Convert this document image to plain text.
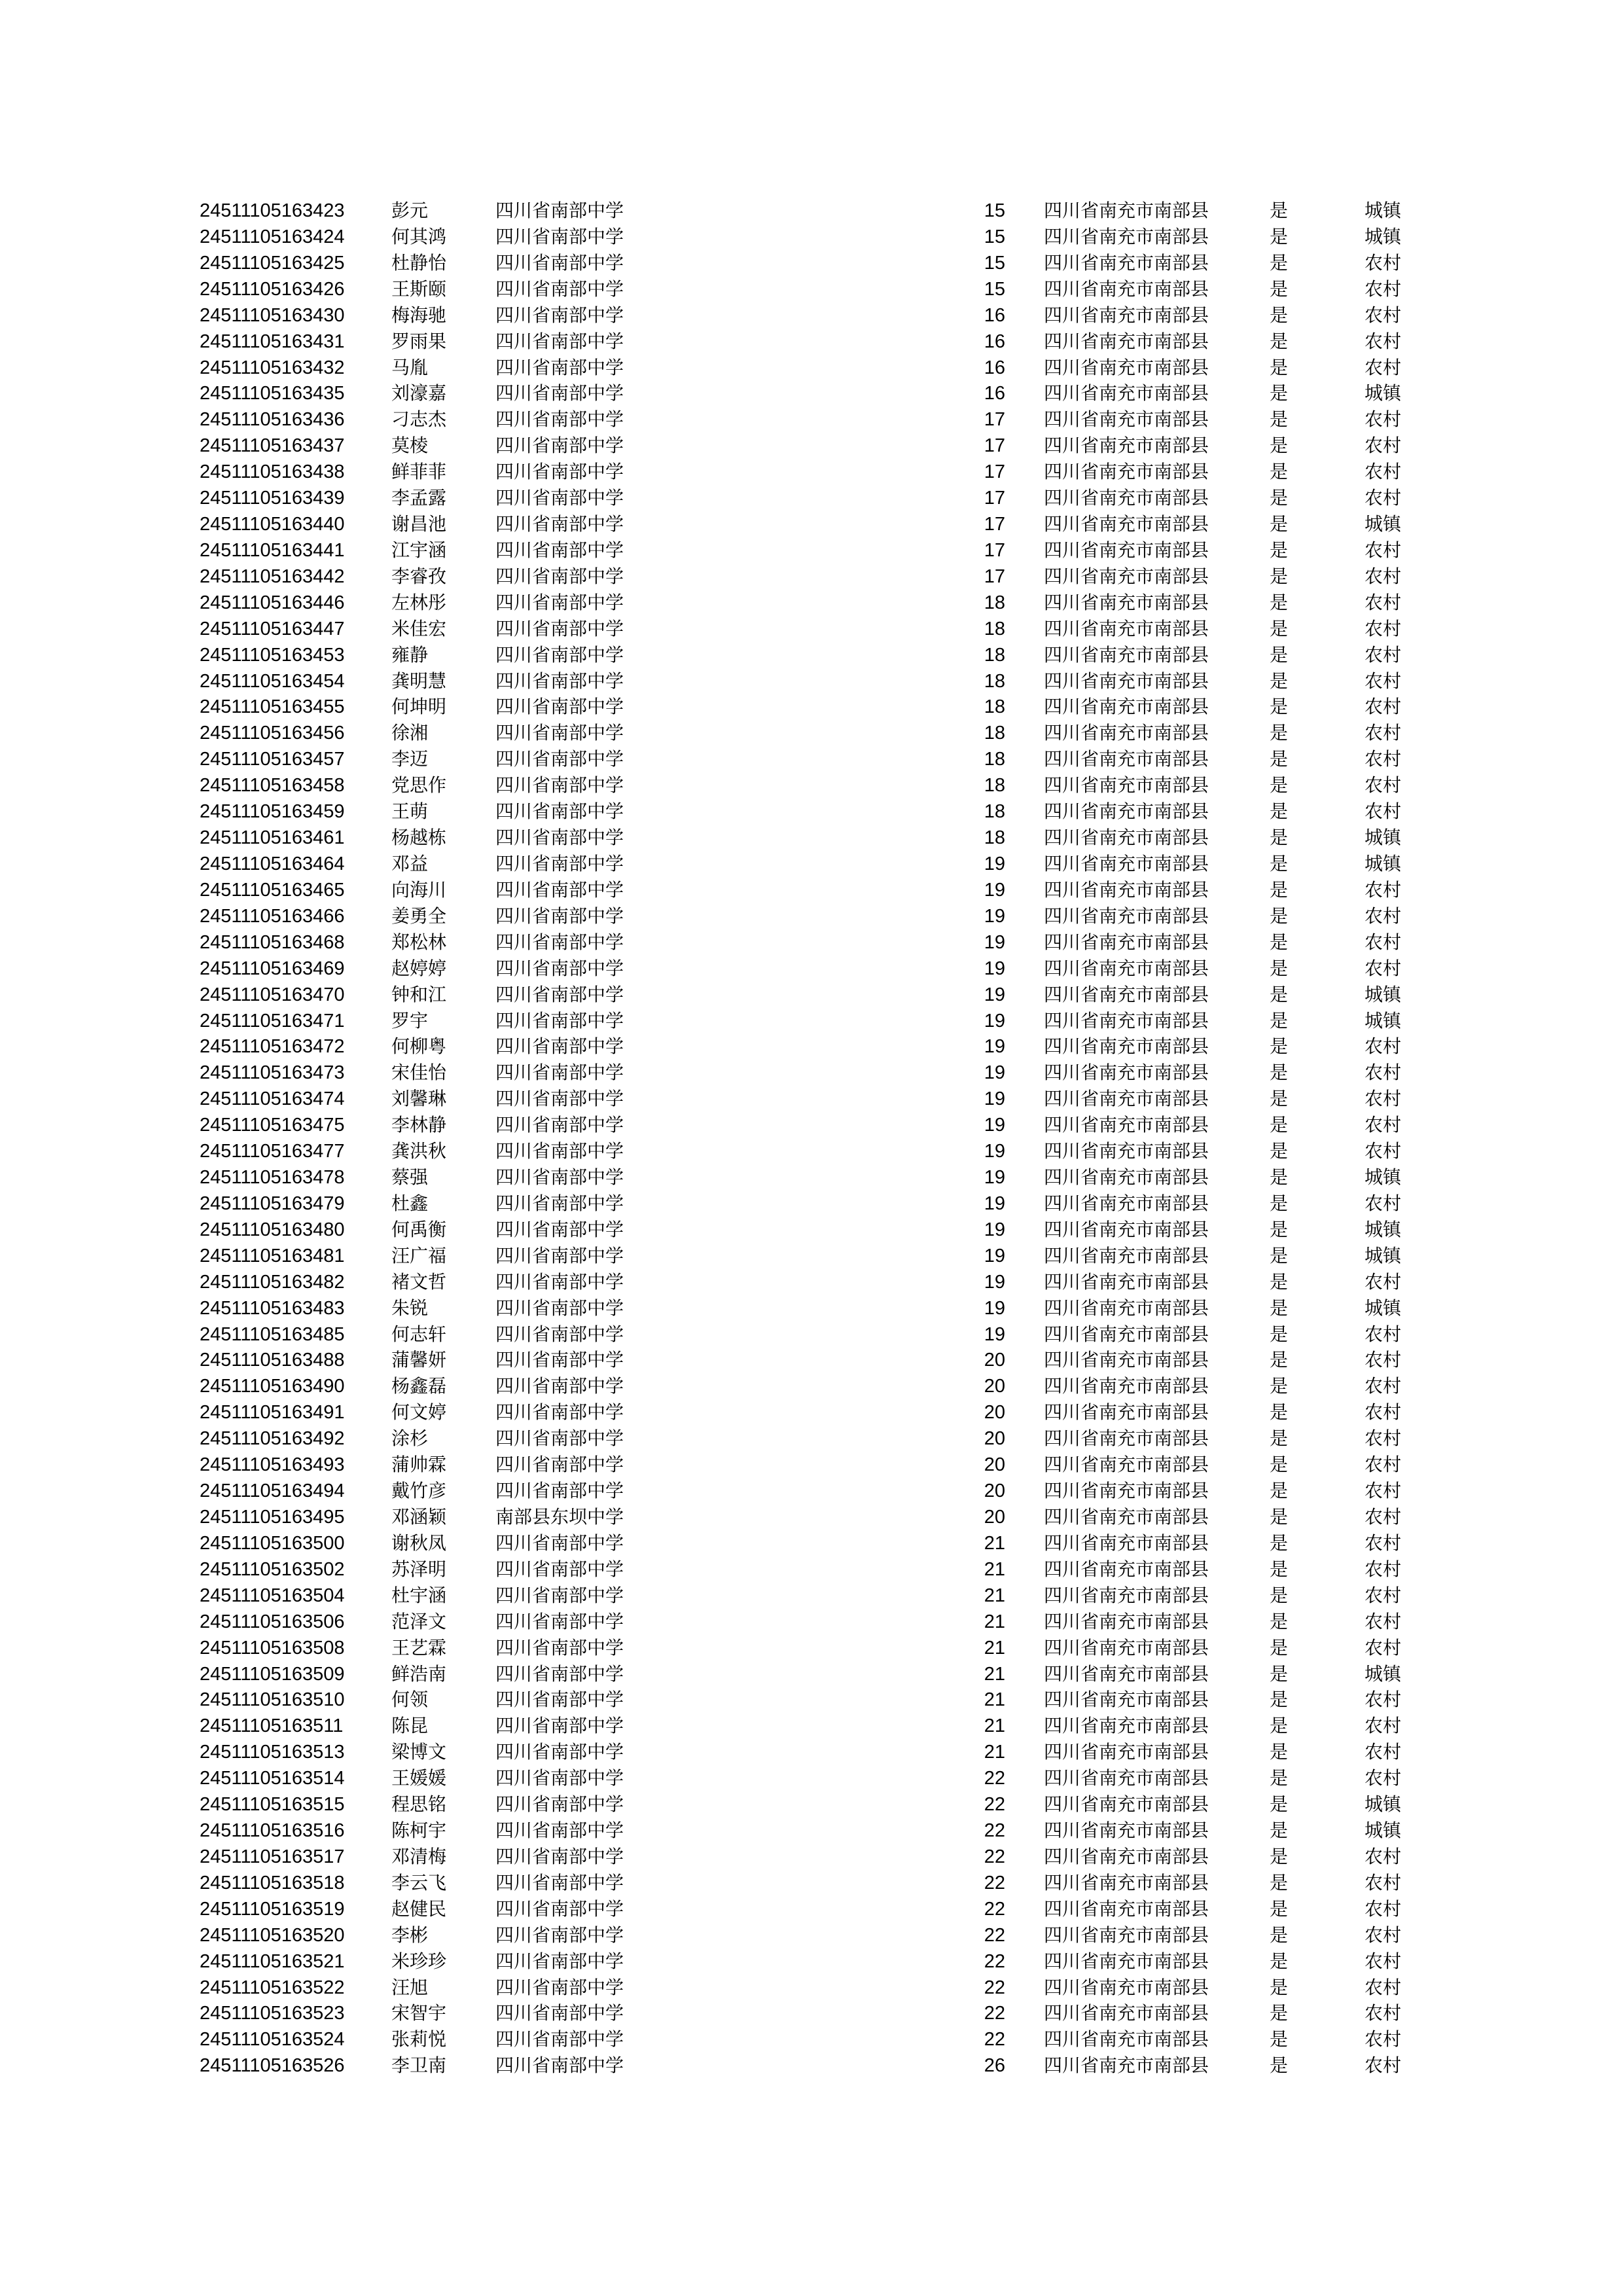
24511105163423	彭元	四川省南部中学	15 四川省南充市南部县	是	城镇
24511105163424	何其鸿	四川省南部中学	15 四川省南充市南部县	是	城镇
24511105163425	杜静怡	四川省南部中学	15 四川省南充市南部县	是	农村
24511105163426	王斯颐	四川省南部中学	15 四川省南充市南部县	是	农村
24511105163430	梅海驰	四川省南部中学	16 四川省南充市南部县	是	农村
24511105163431	罗雨果	四川省南部中学	16 四川省南充市南部县	是	农村
24511105163432	马胤	四川省南部中学	16 四川省南充市南部县	是	农村
24511105163435	刘濠嘉	四川省南部中学	16 四川省南充市南部县	是	城镇
24511105163436	刁志杰	四川省南部中学	17 四川省南充市南部县	是	农村
24511105163437	莫棱	四川省南部中学	17 四川省南充市南部县	是	农村
24511105163438	鲜菲菲	四川省南部中学	17 四川省南充市南部县	是	农村
24511105163439	李孟露	四川省南部中学	17 四川省南充市南部县	是	农村
24511105163440	谢昌池	四川省南部中学	17 四川省南充市南部县	是	城镇
24511105163441	江宇涵	四川省南部中学	17 四川省南充市南部县	是	农村
24511105163442	李睿孜	四川省南部中学	17 四川省南充市南部县	是	农村
24511105163446	左林彤	四川省南部中学	18 四川省南充市南部县	是	农村
24511105163447	米佳宏	四川省南部中学	18 四川省南充市南部县	是	农村
24511105163453	雍静	四川省南部中学	18 四川省南充市南部县	是	农村
24511105163454	龚明慧	四川省南部中学	18 四川省南充市南部县	是	农村
24511105163455	何坤明	四川省南部中学	18 四川省南充市南部县	是	农村
24511105163456	徐湘	四川省南部中学	18 四川省南充市南部县	是	农村
24511105163457	李迈	四川省南部中学	18 四川省南充市南部县	是	农村
24511105163458	党思作	四川省南部中学	18 四川省南充市南部县	是	农村
24511105163459	王萌	四川省南部中学	18 四川省南充市南部县	是	农村
24511105163461	杨越栋	四川省南部中学	18 四川省南充市南部县	是	城镇
24511105163464	邓益	四川省南部中学	19 四川省南充市南部县	是	城镇
24511105163465	向海川	四川省南部中学	19 四川省南充市南部县	是	农村
24511105163466	姜勇全	四川省南部中学	19 四川省南充市南部县	是	农村
24511105163468	郑松林	四川省南部中学	19 四川省南充市南部县	是	农村
24511105163469	赵婷婷	四川省南部中学	19 四川省南充市南部县	是	农村
24511105163470	钟和江	四川省南部中学	19 四川省南充市南部县	是	城镇
24511105163471	罗宇	四川省南部中学	19 四川省南充市南部县	是	城镇
24511105163472	何柳粤	四川省南部中学	19 四川省南充市南部县	是	农村
24511105163473	宋佳怡	四川省南部中学	19 四川省南充市南部县	是	农村
24511105163474	刘馨琳	四川省南部中学	19 四川省南充市南部县	是	农村
24511105163475	李林静	四川省南部中学	19 四川省南充市南部县	是	农村
24511105163477	龚洪秋	四川省南部中学	19 四川省南充市南部县	是	农村
24511105163478	蔡强	四川省南部中学	19 四川省南充市南部县	是	城镇
24511105163479	杜鑫	四川省南部中学	19 四川省南充市南部县	是	农村
24511105163480	何禹衡	四川省南部中学	19 四川省南充市南部县	是	城镇
24511105163481	汪广福	四川省南部中学	19 四川省南充市南部县	是	城镇
24511105163482	褚文哲	四川省南部中学	19 四川省南充市南部县	是	农村
24511105163483	朱锐	四川省南部中学	19 四川省南充市南部县	是	城镇
24511105163485	何志轩	四川省南部中学	19 四川省南充市南部县	是	农村
24511105163488	蒲馨妍	四川省南部中学	20 四川省南充市南部县	是	农村
24511105163490	杨鑫磊	四川省南部中学	20 四川省南充市南部县	是	农村
24511105163491	何文婷	四川省南部中学	20 四川省南充市南部县	是	农村
24511105163492	涂杉	四川省南部中学	20 四川省南充市南部县	是	农村
24511105163493	蒲帅霖	四川省南部中学	20 四川省南充市南部县	是	农村
24511105163494	戴竹彦	四川省南部中学	20 四川省南充市南部县	是	农村
24511105163495	邓涵颖	南部县东坝中学	20 四川省南充市南部县	是	农村
24511105163500	谢秋凤	四川省南部中学	21 四川省南充市南部县	是	农村
24511105163502	苏泽明	四川省南部中学	21 四川省南充市南部县	是	农村
24511105163504	杜宇涵	四川省南部中学	21 四川省南充市南部县	是	农村
24511105163506	范泽文	四川省南部中学	21 四川省南充市南部县	是	农村
24511105163508	王艺霖	四川省南部中学	21 四川省南充市南部县	是	农村
24511105163509	鲜浩南	四川省南部中学	21 四川省南充市南部县	是	城镇
24511105163510	何领	四川省南部中学	21 四川省南充市南部县	是	农村
24511105163511	陈昆	四川省南部中学	21 四川省南充市南部县	是	农村
24511105163513	梁博文	四川省南部中学	21 四川省南充市南部县	是	农村
24511105163514	王媛媛	四川省南部中学	22 四川省南充市南部县	是	农村
24511105163515	程思铭	四川省南部中学	22 四川省南充市南部县	是	城镇
24511105163516	陈柯宇	四川省南部中学	22 四川省南充市南部县	是	城镇
24511105163517	邓清梅	四川省南部中学	22 四川省南充市南部县	是	农村
24511105163518	李云飞	四川省南部中学	22 四川省南充市南部县	是	农村
24511105163519	赵健民	四川省南部中学	22 四川省南充市南部县	是	农村
24511105163520	李彬	四川省南部中学	22 四川省南充市南部县	是	农村
24511105163521	米珍珍	四川省南部中学	22 四川省南充市南部县	是	农村
24511105163522	汪旭	四川省南部中学	22 四川省南充市南部县	是	农村
24511105163523	宋智宇	四川省南部中学	22 四川省南充市南部县	是	农村
24511105163524	张莉悦	四川省南部中学	22 四川省南充市南部县	是	农村
24511105163526	李卫南	四川省南部中学	26 四川省南充市南部县	是	农村
